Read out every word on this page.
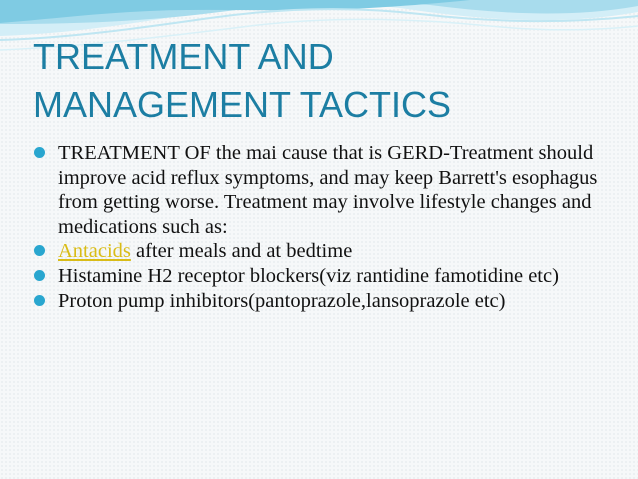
TREATMENT AND
MANAGEMENT TACTICS
TREATMENT OF the mai cause that is GERD-Treatment should improve acid reflux symptoms, and may keep Barrett's esophagus from getting worse. Treatment may involve lifestyle changes and medications such as:
Antacids after meals and at bedtime
Histamine H2 receptor blockers(viz rantidine famotidine etc)
Proton pump inhibitors(pantoprazole,lansoprazole etc)
